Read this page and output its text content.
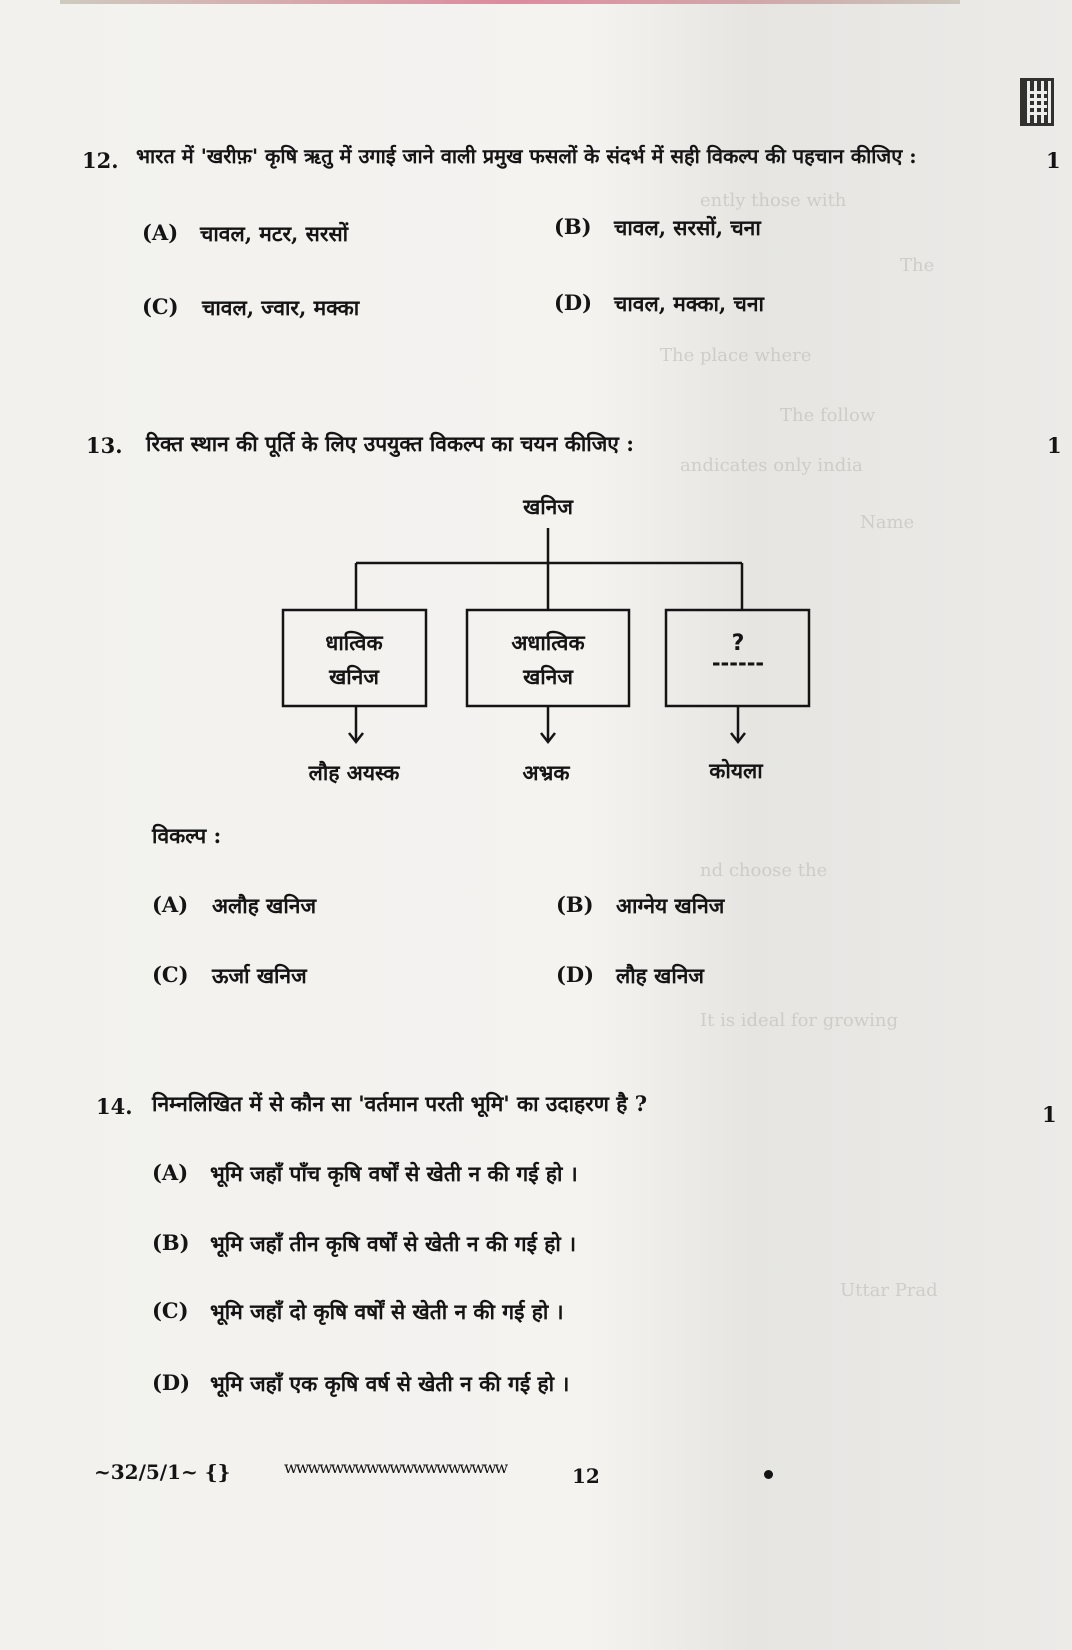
ently those with
The
The place where
The follow
andicates only india
Name
nd choose the
It is ideal for growing
Uttar Prad
12. भारत में 'खरीफ़' कृषि ऋतु में उगाई जाने वाली प्रमुख फसलों के संदर्भ में सही विकल्प की पहचान कीजिए :	1
(A) चावल, मटर, सरसों	(B) चावल, सरसों, चना
(C) चावल, ज्वार, मक्का	(D) चावल, मक्का, चना
13. रिक्त स्थान की पूर्ति के लिए उपयुक्त विकल्प का चयन कीजिए :	1
खनिज
धात्विक
खनिज
अधात्विक
खनिज
?
------
लौह अयस्क	अभ्रक	कोयला
विकल्प :
(A) अलौह खनिज	(B) आग्नेय खनिज
(C) ऊर्जा खनिज	(D) लौह खनिज
14. निम्नलिखित में से कौन सा 'वर्तमान परती भूमि' का उदाहरण है ?	1
(A) भूमि जहाँ पाँच कृषि वर्षों से खेती न की गई हो ।
(B) भूमि जहाँ तीन कृषि वर्षों से खेती न की गई हो ।
(C) भूमि जहाँ दो कृषि वर्षों से खेती न की गई हो ।
(D) भूमि जहाँ एक कृषि वर्ष से खेती न की गई हो ।
~32/5/1~ {}	wwwwwwwwwwwwwwwwwww	12
